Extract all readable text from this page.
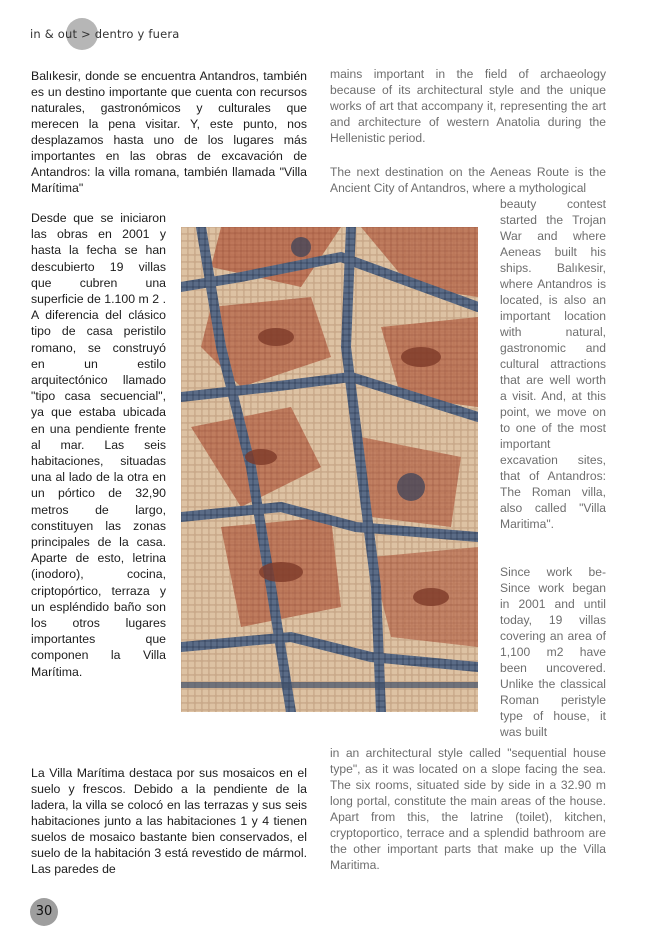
in & out > dentro y fuera

Balıkesir, donde se encuentra Antandros, también es un destino importante que cuenta con recursos naturales, gastronómicos y culturales que merecen la pena visitar. Y, este punto, nos desplazamos hasta uno de los lugares más importantes en las obras de excavación de Antandros: la villa romana, también llamada "Villa Marítima"

Desde que se iniciaron las obras en 2001 y hasta la fecha se han descubierto 19 villas que cubren una superficie de 1.100 m 2 . A diferencia del clásico tipo de casa peristilo romano, se construyó en un estilo arquitectónico llamado "tipo casa secuencial", ya que estaba ubicada en una pendiente frente al mar. Las seis habitaciones, situadas una al lado de la otra en un pórtico de 32,90 metros de largo, constituyen las zonas principales de la casa. Aparte de esto, letrina (inodoro), cocina, criptopórtico, terraza y un espléndido baño son los otros lugares importantes que componen la Villa Marítima.

La Villa Marítima destaca por sus mosaicos en el suelo y frescos. Debido a la pendiente de la ladera, la villa se colocó en las terrazas y sus seis habitaciones junto a las habitaciones 1 y 4 tienen suelos de mosaico bastante bien conservados, el suelo de la habitación 3 está revestido de mármol. Las paredes de

mains important in the field of archaeology because of its architectural style and the unique works of art that accompany it, representing the art and architecture of western Anatolia during the Hellenistic period.

The next destination on the Aeneas Route is the Ancient City of Antandros, where a mythological

beauty contest started the Trojan War and where Aeneas built his ships. Balıkesir, where Antandros is located, is also an important location with natural, gastronomic and cultural attractions that are well worth a visit. And, at this point, we move on to one of the most important excavation sites, that of Antandros: The Roman villa, also called "Villa Maritima".
Since work be- Since work began in 2001 and until today, 19 villas covering an area of 1,100 m2 have been uncovered. Unlike the classical Roman peristyle type of house, it was built

in an architectural style called "sequential house type", as it was located on a slope facing the sea. The six rooms, situated side by side in a 32.90 m long portal, constitute the main areas of the house. Apart from this, the latrine (toilet), kitchen, cryptoportico, terrace and a splendid bathroom are the other important parts that make up the Villa Maritima.

30
